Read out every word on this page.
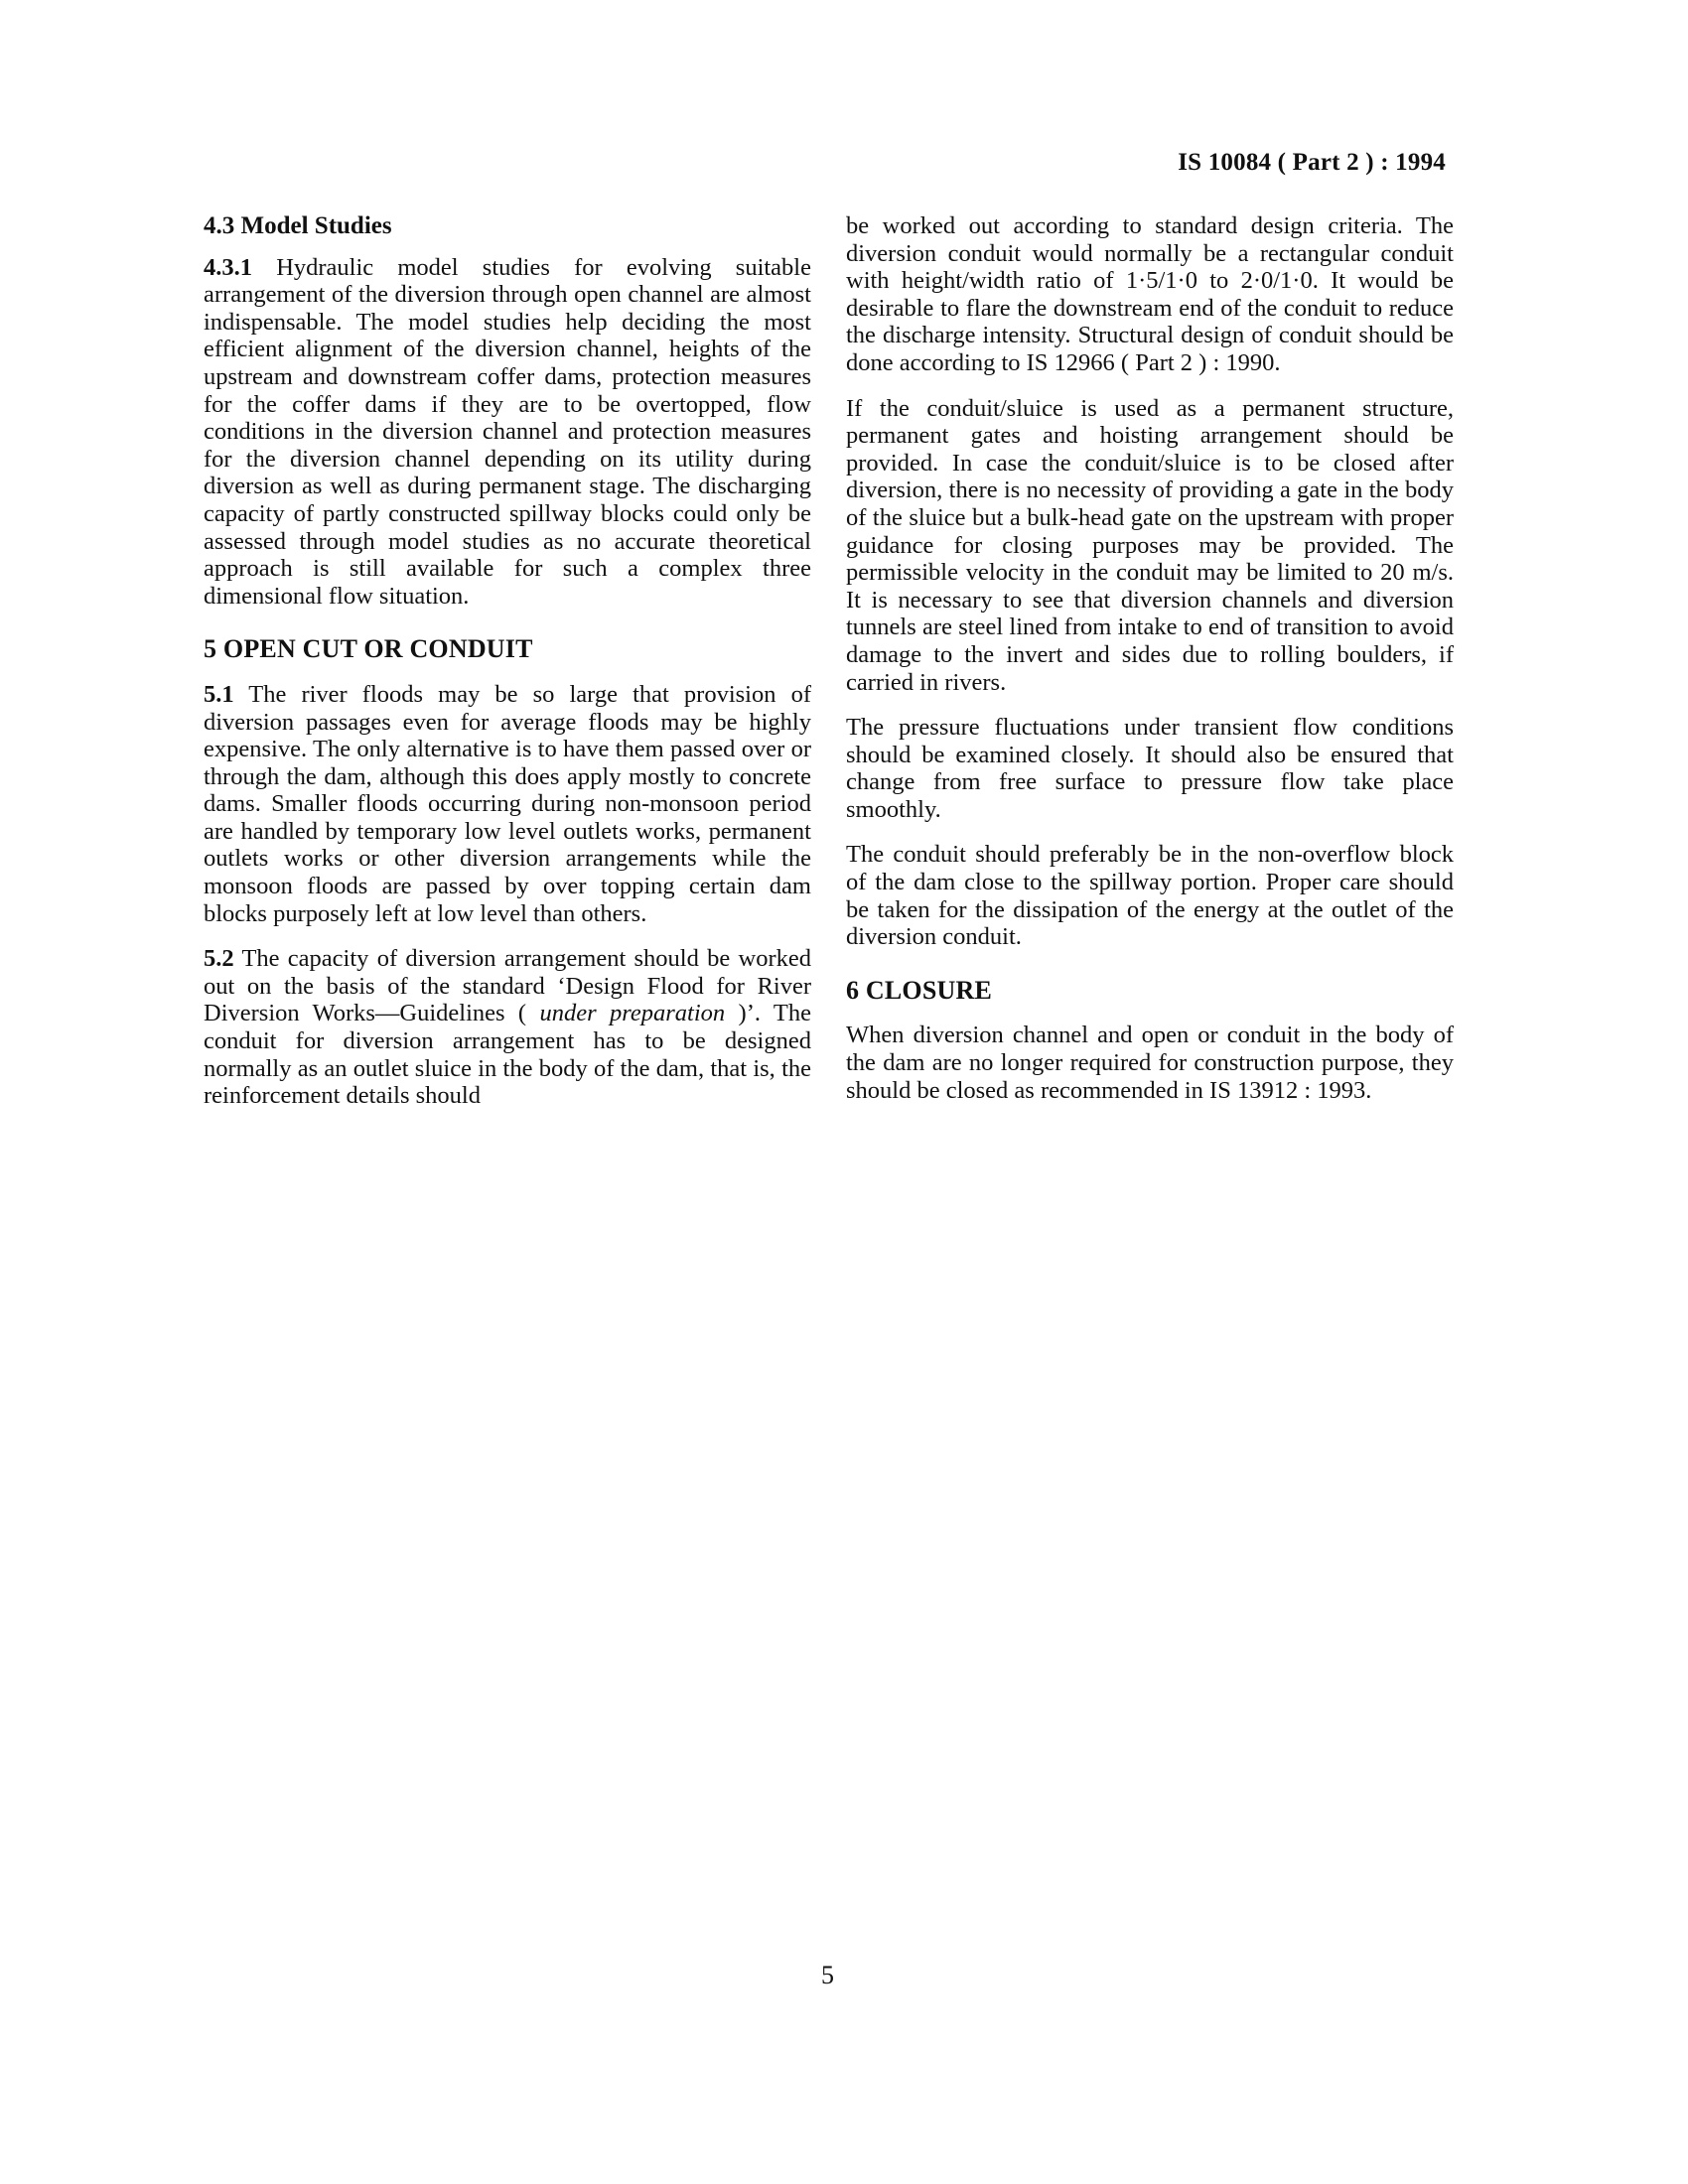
IS 10084 ( Part 2 ) : 1994
4.3 Model Studies

4.3.1 Hydraulic model studies for evolving suitable arrangement of the diversion through open channel are almost indispensable. The model studies help deciding the most efficient alignment of the diversion channel, heights of the upstream and downstream coffer dams, protection measures for the coffer dams if they are to be overtopped, flow conditions in the diversion channel and protection measures for the diversion channel depending on its utility during diversion as well as during permanent stage. The discharging capacity of partly constructed spillway blocks could only be assessed through model studies as no accurate theoretical approach is still available for such a complex three dimensional flow situation.

5 OPEN CUT OR CONDUIT

5.1 The river floods may be so large that provision of diversion passages even for average floods may be highly expensive. The only alternative is to have them passed over or through the dam, although this does apply mostly to concrete dams. Smaller floods occurring during non-monsoon period are handled by temporary low level outlets works, permanent outlets works or other diversion arrangements while the monsoon floods are passed by over topping certain dam blocks purposely left at low level than others.

5.2 The capacity of diversion arrangement should be worked out on the basis of the standard ‘Design Flood for River Diversion Works—Guidelines ( under preparation )’. The conduit for diversion arrangement has to be designed normally as an outlet sluice in the body of the dam, that is, the reinforcement details should

be worked out according to standard design criteria. The diversion conduit would normally be a rectangular conduit with height/width ratio of 1·5/1·0 to 2·0/1·0. It would be desirable to flare the downstream end of the conduit to reduce the discharge intensity. Structural design of conduit should be done according to IS 12966 ( Part 2 ) : 1990.

If the conduit/sluice is used as a permanent structure, permanent gates and hoisting arrangement should be provided. In case the conduit/sluice is to be closed after diversion, there is no necessity of providing a gate in the body of the sluice but a bulk-head gate on the upstream with proper guidance for closing purposes may be provided. The permissible velocity in the conduit may be limited to 20 m/s. It is necessary to see that diversion channels and diversion tunnels are steel lined from intake to end of transition to avoid damage to the invert and sides due to rolling boulders, if carried in rivers.

The pressure fluctuations under transient flow conditions should be examined closely. It should also be ensured that change from free surface to pressure flow take place smoothly.

The conduit should preferably be in the non-overflow block of the dam close to the spillway portion. Proper care should be taken for the dissipation of the energy at the outlet of the diversion conduit.

6 CLOSURE

When diversion channel and open or conduit in the body of the dam are no longer required for construction purpose, they should be closed as recommended in IS 13912 : 1993.

5
